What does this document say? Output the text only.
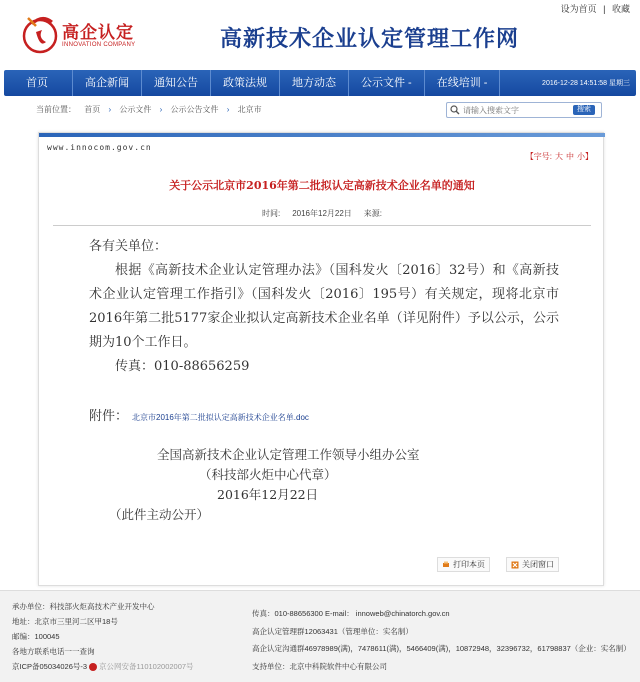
设为首页 | 收藏
高企认定
INNOVATION COMPANY	高新技术企业认定管理工作网
首页	高企新闻	通知公告	政策法规	地方动态	公示文件 -	在线培训 -	2016-12-28 14:51:58 星期三
当前位置： 首页 › 公示文件 › 公示公告文件 › 北京市
请输入搜索文字	搜索
www.innocom.gov.cn
【字号: 大 中 小】
关于公示北京市2016年第二批拟认定高新技术企业名单的通知
时间: 2016年12月22日 来源:
各有关单位：
根据《高新技术企业认定管理办法》（国科发火〔2016〕32号）和《高新技术企业认定管理工作指引》（国科发火〔2016〕195号）有关规定，现将北京市2016年第二批5177家企业拟认定高新技术企业名单（详见附件）予以公示，公示期为10个工作日。
传真：010-88656259
附件： 北京市2016年第二批拟认定高新技术企业名单.doc
全国高新技术企业认定管理工作领导小组办公室
（科技部火炬中心代章）
2016年12月22日
（此件主动公开）
打印本页	关闭窗口
承办单位：科技部火炬高技术产业开发中心
地址：北京市三里河二区甲18号
邮编：100045
各地方联系电话一一查询
京ICP备05034026号-3 京公网安备110102002007号
传真：010-88656300 E-mail： innoweb@chinatorch.gov.cn
高企认定管理群12063431（管理单位：实名制）
高企认定沟通群46978989(满)，7478611(满)，5466409(满)，10872948，32396732，61798837（企业：实名制）
支持单位：北京中科院软件中心有限公司
